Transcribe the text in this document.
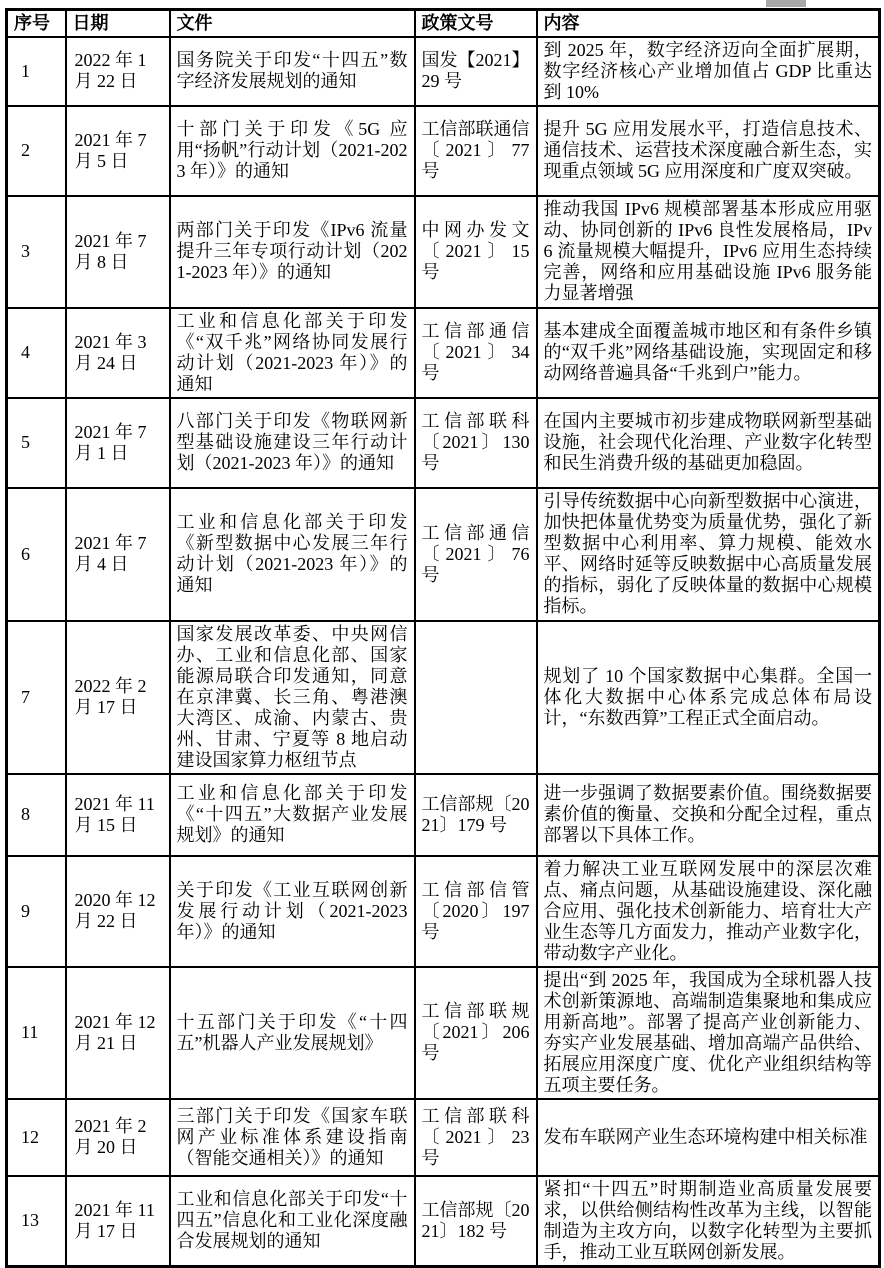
序号	日期	文件	政策文号	内容
1	2022 年 1 月 22 日	国务院关于印发“十四五”数字经济发展规划的通知	国发【2021】29 号	到 2025 年，数字经济迈向全面扩展期，数字经济核心产业增加值占 GDP 比重达到 10%
2	2021 年 7 月 5 日	十部门关于印发《5G 应用“扬帆”行动计划（2021-2023 年）》的通知	工信部联通信〔2021〕77 号	提升 5G 应用发展水平，打造信息技术、通信技术、运营技术深度融合新生态，实现重点领域 5G 应用深度和广度双突破。
3	2021 年 7 月 8 日	两部门关于印发《IPv6 流量提升三年专项行动计划（2021-2023 年）》的通知	中网办发文〔2021〕15 号	推动我国 IPv6 规模部署基本形成应用驱动、协同创新的 IPv6 良性发展格局，IPv6 流量规模大幅提升，IPv6 应用生态持续完善，网络和应用基础设施 IPv6 服务能力显著增强
4	2021 年 3 月 24 日	工业和信息化部关于印发《“双千兆”网络协同发展行动计划（2021-2023 年）》的通知	工信部通信〔2021〕34 号	基本建成全面覆盖城市地区和有条件乡镇的“双千兆”网络基础设施，实现固定和移动网络普遍具备“千兆到户”能力。
5	2021 年 7 月 1 日	八部门关于印发《物联网新型基础设施建设三年行动计划（2021-2023 年）》的通知	工信部联科〔2021〕130 号	在国内主要城市初步建成物联网新型基础设施，社会现代化治理、产业数字化转型和民生消费升级的基础更加稳固。
6	2021 年 7 月 4 日	工业和信息化部关于印发《新型数据中心发展三年行动计划（2021-2023 年）》的通知	工信部通信〔2021〕76 号	引导传统数据中心向新型数据中心演进，加快把体量优势变为质量优势，强化了新型数据中心利用率、算力规模、能效水平、网络时延等反映数据中心高质量发展的指标，弱化了反映体量的数据中心规模指标。
7	2022 年 2 月 17 日	国家发展改革委、中央网信办、工业和信息化部、国家能源局联合印发通知，同意在京津冀、长三角、粤港澳大湾区、成渝、内蒙古、贵州、甘肃、宁夏等 8 地启动建设国家算力枢纽节点		规划了 10 个国家数据中心集群。全国一体化大数据中心体系完成总体布局设计，“东数西算”工程正式全面启动。
8	2021 年 11 月 15 日	工业和信息化部关于印发《“十四五”大数据产业发展规划》的通知	工信部规〔2021〕179 号	进一步强调了数据要素价值。围绕数据要素价值的衡量、交换和分配全过程，重点部署以下具体工作。
9	2020 年 12 月 22 日	关于印发《工业互联网创新发展行动计划（2021-2023 年）》的通知	工信部信管〔2020〕197 号	着力解决工业互联网发展中的深层次难点、痛点问题，从基础设施建设、深化融合应用、强化技术创新能力、培育壮大产业生态等几方面发力，推动产业数字化，带动数字产业化。
11	2021 年 12 月 21 日	十五部门关于印发《“十四五”机器人产业发展规划》	工信部联规〔2021〕206 号	提出“到 2025 年，我国成为全球机器人技术创新策源地、高端制造集聚地和集成应用新高地”。部署了提高产业创新能力、夯实产业发展基础、增加高端产品供给、拓展应用深度广度、优化产业组织结构等五项主要任务。
12	2021 年 2 月 20 日	三部门关于印发《国家车联网产业标准体系建设指南（智能交通相关）》的通知	工信部联科〔2021〕23 号	发布车联网产业生态环境构建中相关标准
13	2021 年 11 月 17 日	工业和信息化部关于印发“十四五”信息化和工业化深度融合发展规划的通知	工信部规〔2021〕182 号	紧扣“十四五”时期制造业高质量发展要求，以供给侧结构性改革为主线，以智能制造为主攻方向，以数字化转型为主要抓手，推动工业互联网创新发展。
